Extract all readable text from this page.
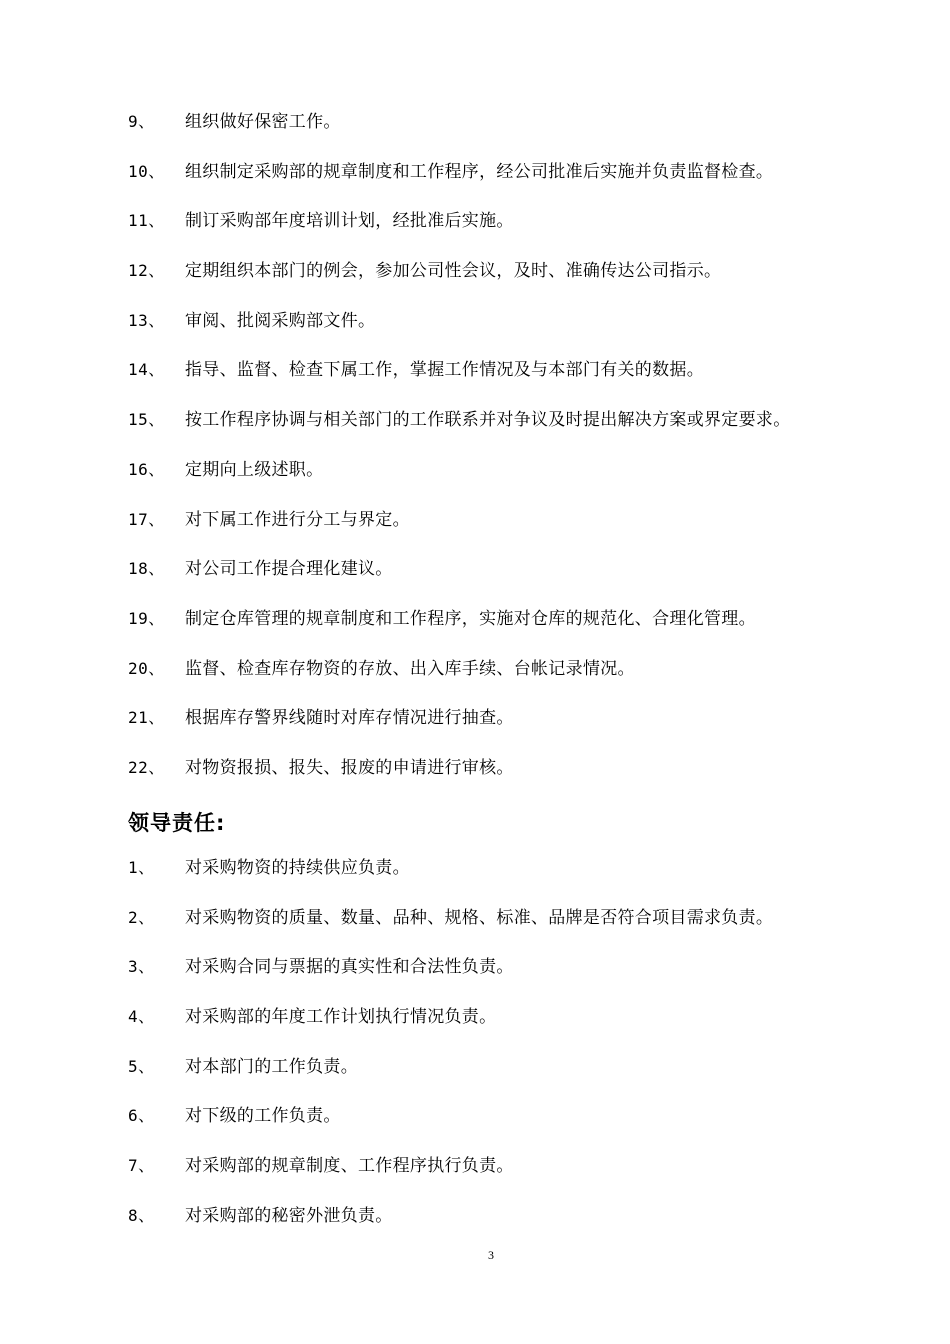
9、 组织做好保密工作。
10、 组织制定采购部的规章制度和工作程序，经公司批准后实施并负责监督检查。
11、 制订采购部年度培训计划，经批准后实施。
12、 定期组织本部门的例会，参加公司性会议，及时、准确传达公司指示。
13、 审阅、批阅采购部文件。
14、 指导、监督、检查下属工作，掌握工作情况及与本部门有关的数据。
15、 按工作程序协调与相关部门的工作联系并对争议及时提出解决方案或界定要求。
16、 定期向上级述职。
17、 对下属工作进行分工与界定。
18、 对公司工作提合理化建议。
19、 制定仓库管理的规章制度和工作程序，实施对仓库的规范化、合理化管理。
20、 监督、检查库存物资的存放、出入库手续、台帐记录情况。
21、 根据库存警界线随时对库存情况进行抽查。
22、 对物资报损、报失、报废的申请进行审核。
领导责任:
1、 对采购物资的持续供应负责。
2、 对采购物资的质量、数量、品种、规格、标准、品牌是否符合项目需求负责。
3、 对采购合同与票据的真实性和合法性负责。
4、 对采购部的年度工作计划执行情况负责。
5、 对本部门的工作负责。
6、 对下级的工作负责。
7、 对采购部的规章制度、工作程序执行负责。
8、 对采购部的秘密外泄负责。
3
